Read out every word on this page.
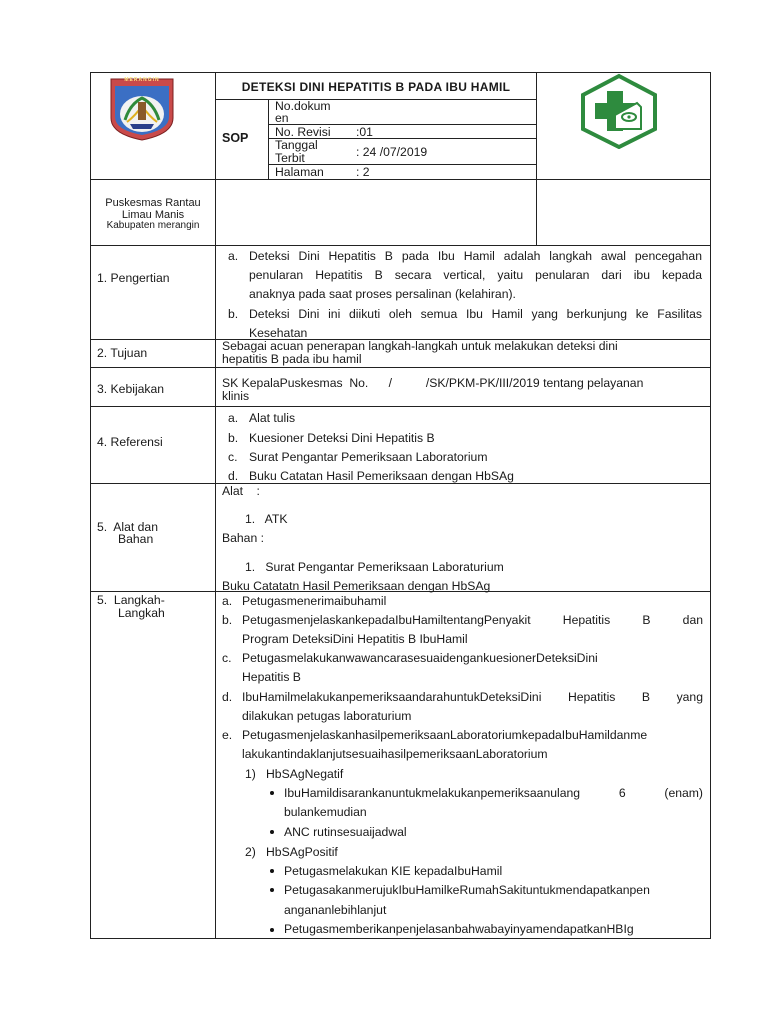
MERANGIN	DETEKSI DINI HEPATITIS B PADA IBU HAMIL
SOP
No.dokum
en
No. Revisi :01
Tanggal
Terbit	: 24 /07/2019
Halaman	: 2
Puskesmas Rantau
Limau Manis
Kabupaten merangin
1. Pengertian
a. Deteksi Dini Hepatitis B pada Ibu Hamil adalah langkah awal pencegahan
penularan Hepatitis B secara vertical, yaitu penularan dari ibu kepada
anaknya pada saat proses persalinan (kelahiran).
b. Deteksi Dini ini diikuti oleh semua Ibu Hamil yang berkunjung ke Fasilitas
Kesehatan
2. Tujuan	Sebagai acuan penerapan langkah-langkah untuk melakukan deteksi dini
hepatitis B pada ibu hamil
3. Kebijakan	SK KepalaPuskesmas  No.      /          /SK/PKM-PK/III/2019 tentang pelayanan
klinis
4. Referensi
a. Alat tulis
b. Kuesioner Deteksi Dini Hepatitis B
c. Surat Pengantar Pemeriksaan Laboratorium
d. Buku Catatan Hasil Pemeriksaan dengan HbSAg
5.  Alat dan
Bahan
Alat    :
1.   ATK
Bahan :
1.   Surat Pengantar Pemeriksaan Laboraturium
Buku Catatatn Hasil Pemeriksaan dengan HbSAg
5.  Langkah-
Langkah
a. Petugasmenerimaibuhamil
b. PetugasmenjelaskankepadaIbuHamiltentangPenyakit  Hepatitis  B  dan
Program DeteksiDini Hepatitis B IbuHamil
c. PetugasmelakukanwawancarasesuaidengankuesionerDeteksiDini
Hepatitis B
d. IbuHamilmelakukanpemeriksaandarahuntukDeteksiDini  Hepatitis  B  yang
dilakukan petugas laboraturium
e. PetugasmenjelaskanhasilpemeriksaanLaboratoriumkepadaIbuHamildanme
lakukantindaklanjutsesuaihasilpemeriksaanLaboratorium
1)   HbSAgNegatif
IbuHamildisarankanuntukmelakukanpemeriksaanulang   6   (enam)
bulankemudian
ANC rutinsesuaijadwal
2)   HbSAgPositif
Petugasmelakukan KIE kepadaIbuHamil
PetugasakanmerujukIbuHamilkeRumahSakituntukmendapatkanpen
angananlebihlanjut
PetugasmemberikanpenjelasanbahwabayinyamendapatkanHBIg
